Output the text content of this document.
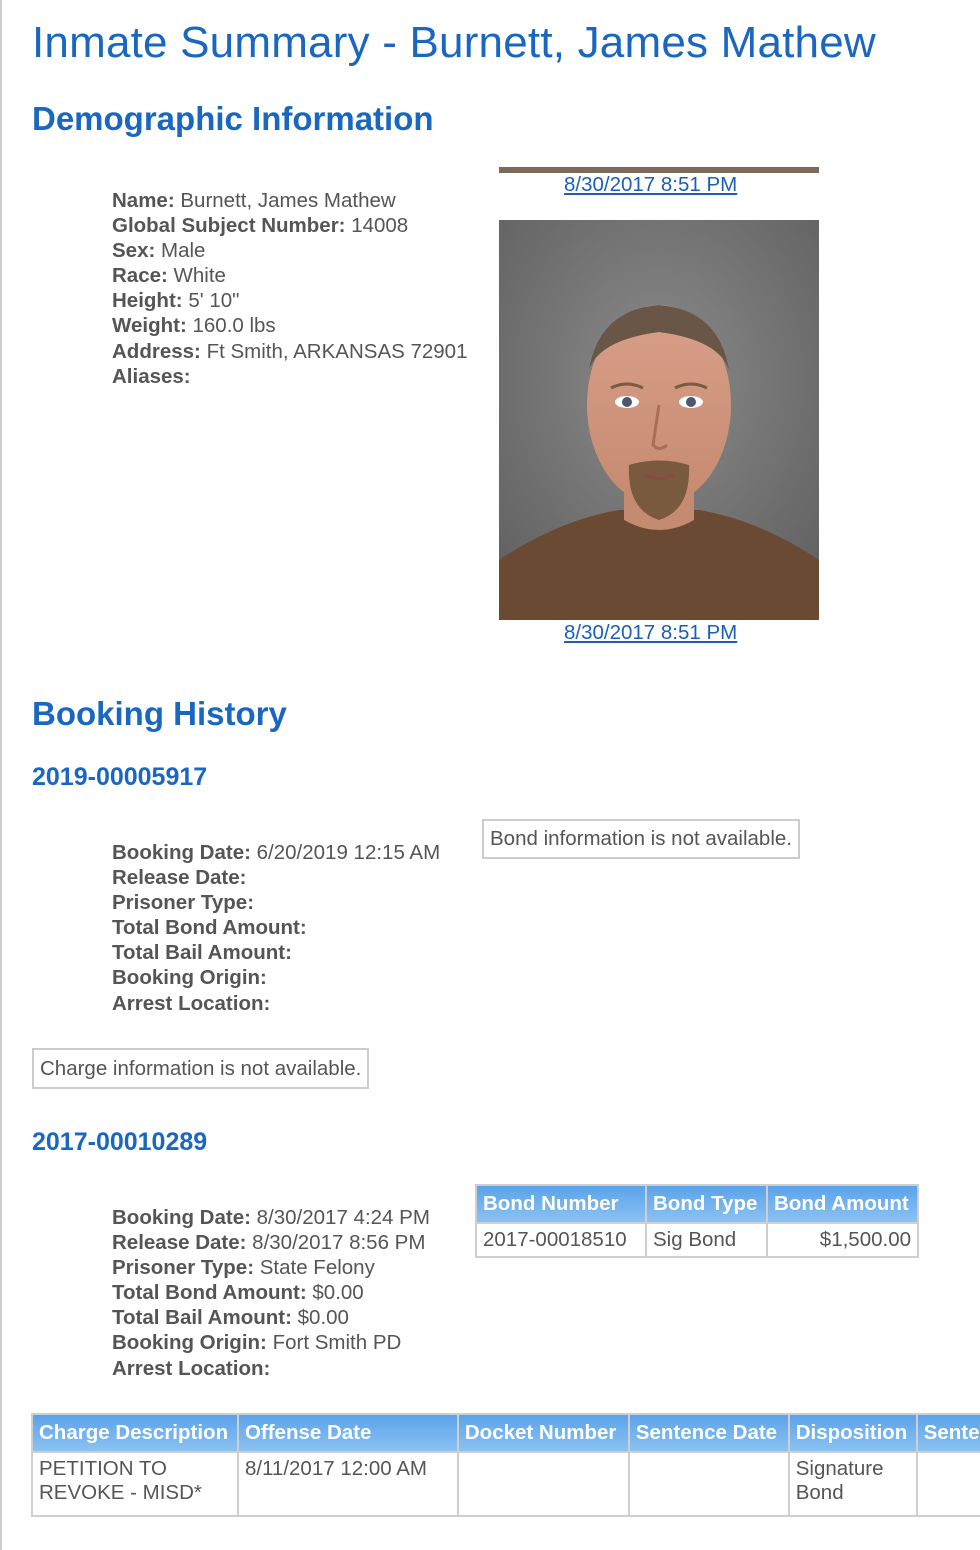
Inmate Summary - Burnett, James Mathew
Demographic Information
Name: Burnett, James Mathew
Global Subject Number: 14008
Sex: Male
Race: White
Height: 5' 10"
Weight: 160.0 lbs
Address: Ft Smith, ARKANSAS 72901
Aliases:
8/30/2017 8:51 PM
8/30/2017 8:51 PM
Booking History
2019-00005917
Booking Date: 6/20/2019 12:15 AM
Release Date:
Prisoner Type:
Total Bond Amount:
Total Bail Amount:
Booking Origin:
Arrest Location:
Bond information is not available.
Charge information is not available.
2017-00010289
Booking Date: 8/30/2017 4:24 PM
Release Date: 8/30/2017 8:56 PM
Prisoner Type: State Felony
Total Bond Amount: $0.00
Total Bail Amount: $0.00
Booking Origin: Fort Smith PD
Arrest Location:
Bond Number	Bond Type	Bond Amount
2017-00018510	Sig Bond	$1,500.00
Charge Description	Offense Date	Docket Number	Sentence Date	Disposition	Sente
PETITION TO REVOKE - MISD*	8/11/2017 12:00 AM			Signature Bond	
